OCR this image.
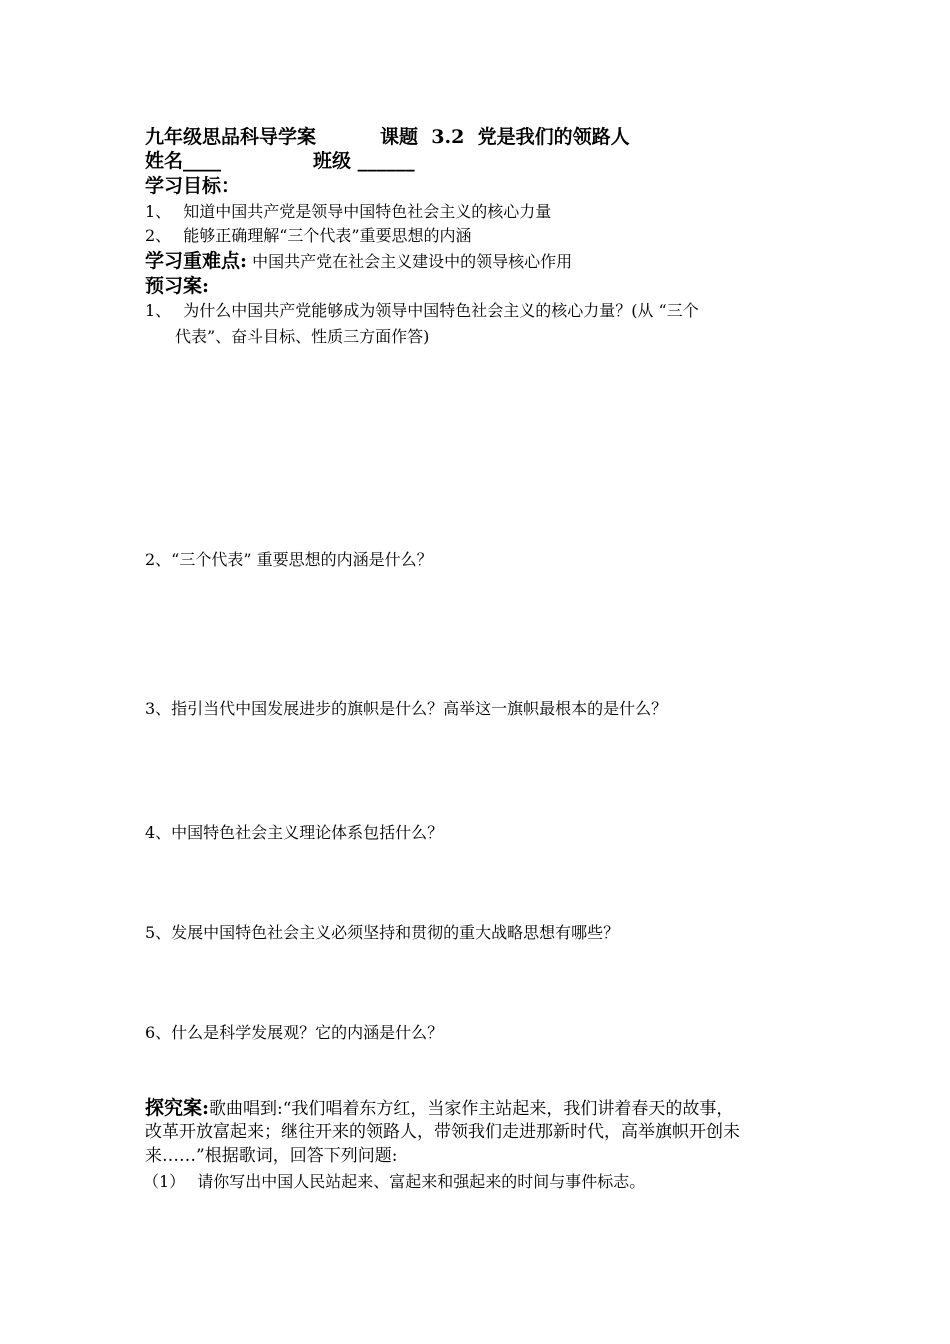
九年级思品科导学案	课题 3.2 党是我们的领路人
姓名____	班级 ______
学习目标：
1、 知道中国共产党是领导中国特色社会主义的核心力量
2、 能够正确理解“三个代表”重要思想的内涵
学习重难点: 中国共产党在社会主义建设中的领导核心作用
预习案:
1、 为什么中国共产党能够成为领导中国特色社会主义的核心力量？(从 “三个
代表”、奋斗目标、性质三方面作答)
2、“三个代表” 重要思想的内涵是什么？
3、指引当代中国发展进步的旗帜是什么？高举这一旗帜最根本的是什么？
4、中国特色社会主义理论体系包括什么？
5、发展中国特色社会主义必须坚持和贯彻的重大战略思想有哪些？
6、什么是科学发展观？它的内涵是什么？
探究案:歌曲唱到:“我们唱着东方红，当家作主站起来，我们讲着春天的故事，
改革开放富起来；继往开来的领路人，带领我们走进那新时代，高举旗帜开创未
来……”根据歌词，回答下列问题:
（1） 请你写出中国人民站起来、富起来和强起来的时间与事件标志。
